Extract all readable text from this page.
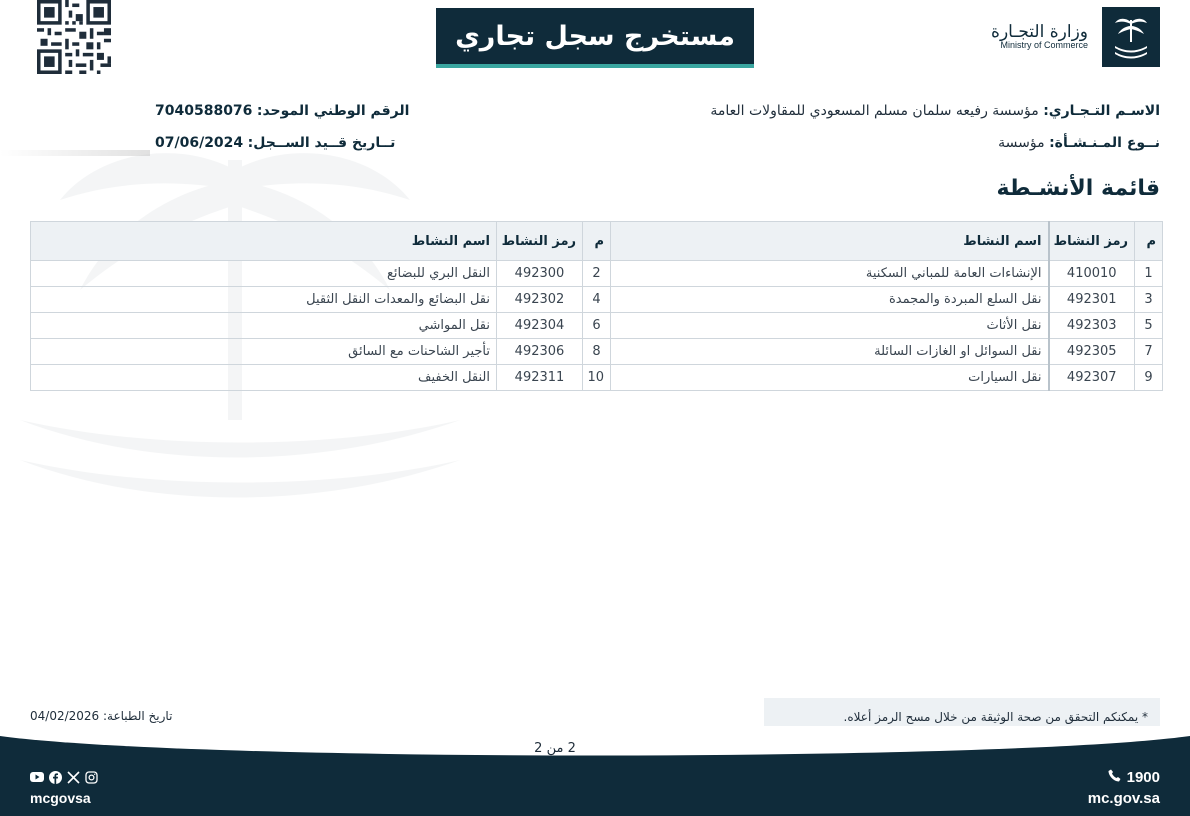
مستخرج سجل تجاري	وزارة التجـارة
Ministry of Commerce
الاسـم التـجـاري: مؤسسة رفيعه سلمان مسلم المسعودي للمقاولات العامة
نــوع المـنـشـأة: مؤسسة
الرقم الوطني الموحد: 7040588076
تــاريخ قــيد الســجل: 07/06/2024
قائمة الأنشـطة
م	رمز النشاط	اسم النشاط	م	رمز النشاط	اسم النشاط
1	410010	الإنشاءات العامة للمباني السكنية	2	492300	النقل البري للبضائع
3	492301	نقل السلع المبردة والمجمدة	4	492302	نقل البضائع والمعدات النقل الثقيل
5	492303	نقل الأثاث	6	492304	نقل المواشي
7	492305	نقل السوائل او الغازات السائلة	8	492306	تأجير الشاحنات مع السائق
9	492307	نقل السيارات	10	492311	النقل الخفيف
* يمكنكم التحقق من صحة الوثيقة من خلال مسح الرمز أعلاه.
تاريخ الطباعة: 04/02/2026
2 من 2
mcgovsa
1900
mc.gov.sa
